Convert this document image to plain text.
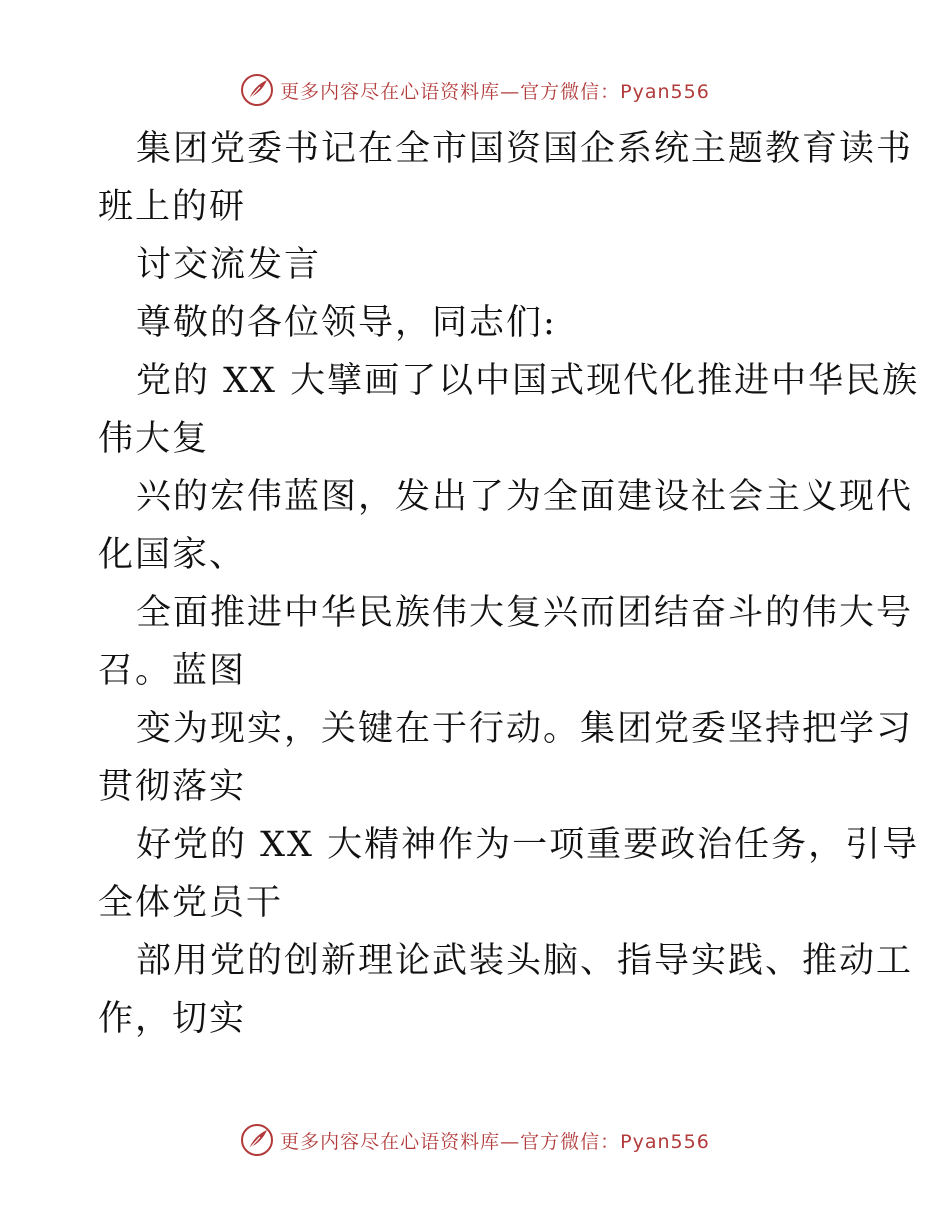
更多内容尽在心语资料库—官方微信：Pyan556
集团党委书记在全市国资国企系统主题教育读书
班上的研
讨交流发言
尊敬的各位领导，同志们:
党的 XX 大擘画了以中国式现代化推进中华民族
伟大复
兴的宏伟蓝图，发出了为全面建设社会主义现代
化国家、
全面推进中华民族伟大复兴而团结奋斗的伟大号
召。蓝图
变为现实，关键在于行动。集团党委坚持把学习
贯彻落实
好党的 XX 大精神作为一项重要政治任务，引导
全体党员干
部用党的创新理论武装头脑、指导实践、推动工
作，切实
更多内容尽在心语资料库—官方微信：Pyan556
